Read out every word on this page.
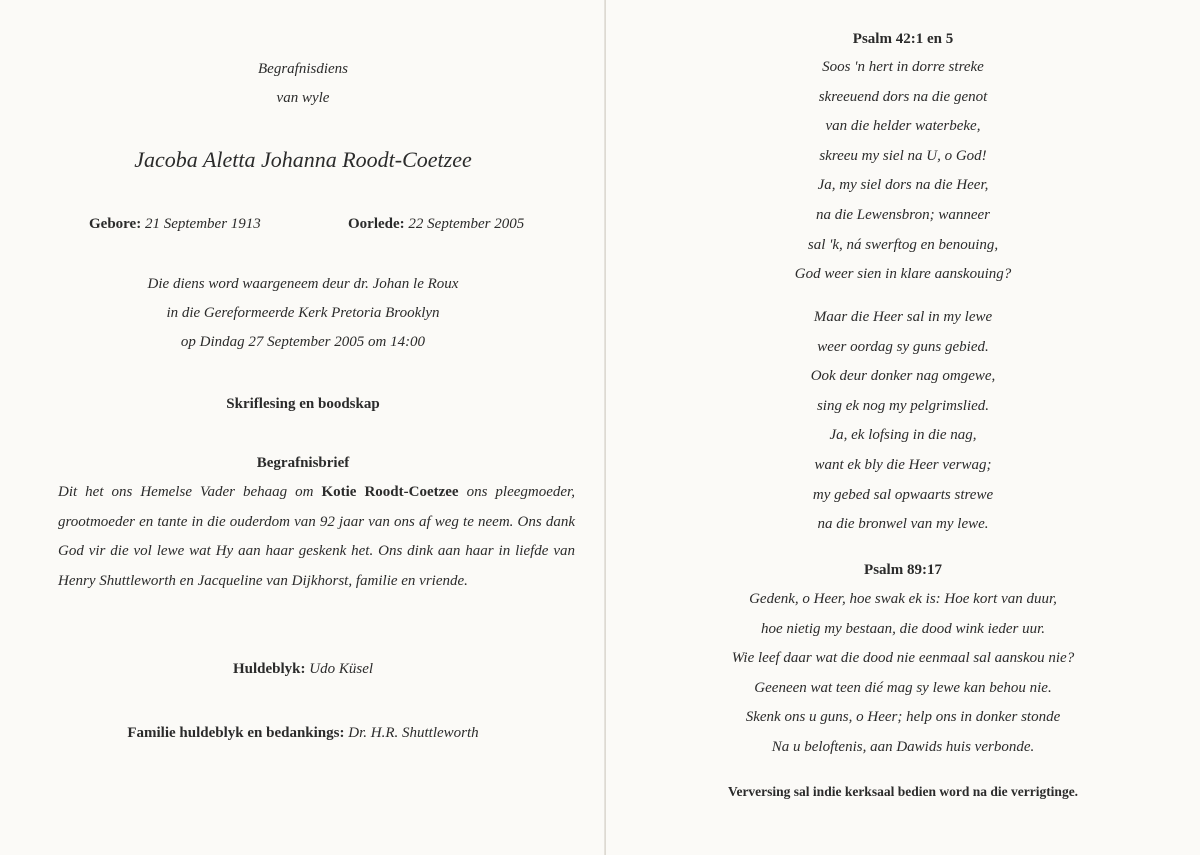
Begrafnisdiens
van wyle
Jacoba Aletta Johanna Roodt-Coetzee
Gebore: 21 September 1913	Oorlede: 22 September 2005
Die diens word waargeneem deur dr. Johan le Roux
in die Gereformeerde Kerk Pretoria Brooklyn
op Dindag 27 September 2005 om 14:00
Skriflesing en boodskap
Begrafnisbrief
Dit het ons Hemelse Vader behaag om Kotie Roodt-Coetzee ons pleegmoeder, grootmoeder en tante in die ouderdom van 92 jaar van ons af weg te neem. Ons dank God vir die vol lewe wat Hy aan haar geskenk het. Ons dink aan haar in liefde van Henry Shuttleworth en Jacqueline van Dijkhorst, familie en vriende.
Huldeblyk: Udo Küsel
Familie huldeblyk en bedankings: Dr. H.R. Shuttleworth
Psalm 42:1 en 5
Soos 'n hert in dorre streke
skreeuend dors na die genot
van die helder waterbeke,
skreeu my siel na U, o God!
Ja, my siel dors na die Heer,
na die Lewensbron; wanneer
sal 'k, ná swerftog en benouing,
God weer sien in klare aanskouing?
Maar die Heer sal in my lewe
weer oordag sy guns gebied.
Ook deur donker nag omgewe,
sing ek nog my pelgrimslied.
Ja, ek lofsing in die nag,
want ek bly die Heer verwag;
my gebed sal opwaarts strewe
na die bronwel van my lewe.
Psalm 89:17
Gedenk, o Heer, hoe swak ek is: Hoe kort van duur,
hoe nietig my bestaan, die dood wink ieder uur.
Wie leef daar wat die dood nie eenmaal sal aanskou nie?
Geeneen wat teen dié mag sy lewe kan behou nie.
Skenk ons u guns, o Heer; help ons in donker stonde
Na u beloftenis, aan Dawids huis verbonde.
Verversing sal indie kerksaal bedien word na die verrigtinge.
